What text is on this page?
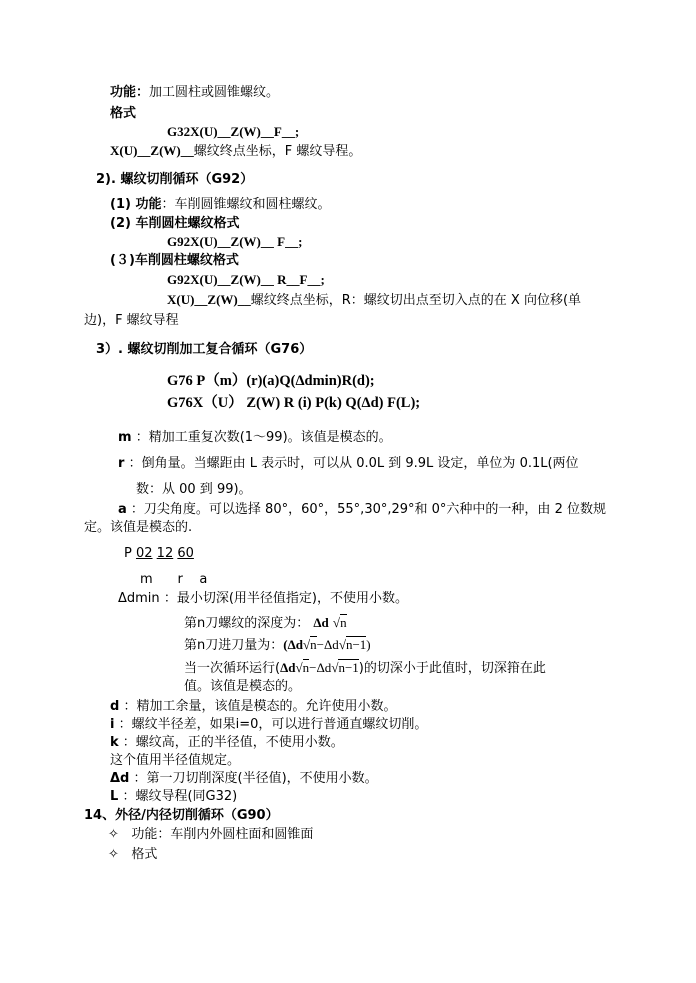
功能：加工圆柱或圆锥螺纹。
格式
G32X(U)__Z(W)__F__;
X(U)__Z(W)__螺纹终点坐标，F 螺纹导程。
2). 螺纹切削循环（G92）
(1) 功能：车削圆锥螺纹和圆柱螺纹。
(2) 车削圆柱螺纹格式
G92X(U)__Z(W)__ F__;
(３)车削圆柱螺纹格式
G92X(U)__Z(W)__ R__F__;
X(U)__Z(W)__螺纹终点坐标，R：螺纹切出点至切入点的在 X 向位移(单
边)，F 螺纹导程
3）. 螺纹切削加工复合循环（G76）
G76 P（m）(r)(a)Q(Δdmin)R(d);
G76X（U） Z(W) R (i) P(k) Q(Δd) F(L);
m ：精加工重复次数(1～99)。该值是模态的。
r ：倒角量。当螺距由 L 表示时，可以从 0.0L 到 9.9L 设定，单位为 0.1L(两位
数：从 00 到 99)。
a ：刀尖角度。可以选择 80°，60°，55°,30°,29°和 0°六种中的一种，由 2 位数规
定。该值是模态的.
P 02 12 60
m r a
Δdmin ：最小切深(用半径值指定)，不使用小数。
第n刀螺纹的深度为： Δd √n
第n刀进刀量为：(Δd√n−Δd√n−1)
当一次循环运行(Δd√n−Δd√n−1)的切深小于此值时，切深箝在此
值。该值是模态的。
d ：精加工余量，该值是模态的。允许使用小数。
i ：螺纹半径差，如果i=0，可以进行普通直螺纹切削。
k ：螺纹高，正的半径值，不使用小数。
这个值用半径值规定。
Δd ：第一刀切削深度(半径值)，不使用小数。
L ：螺纹导程(同G32)
14、外径/内径切削循环（G90）
✧ 功能：车削内外圆柱面和圆锥面
✧ 格式
